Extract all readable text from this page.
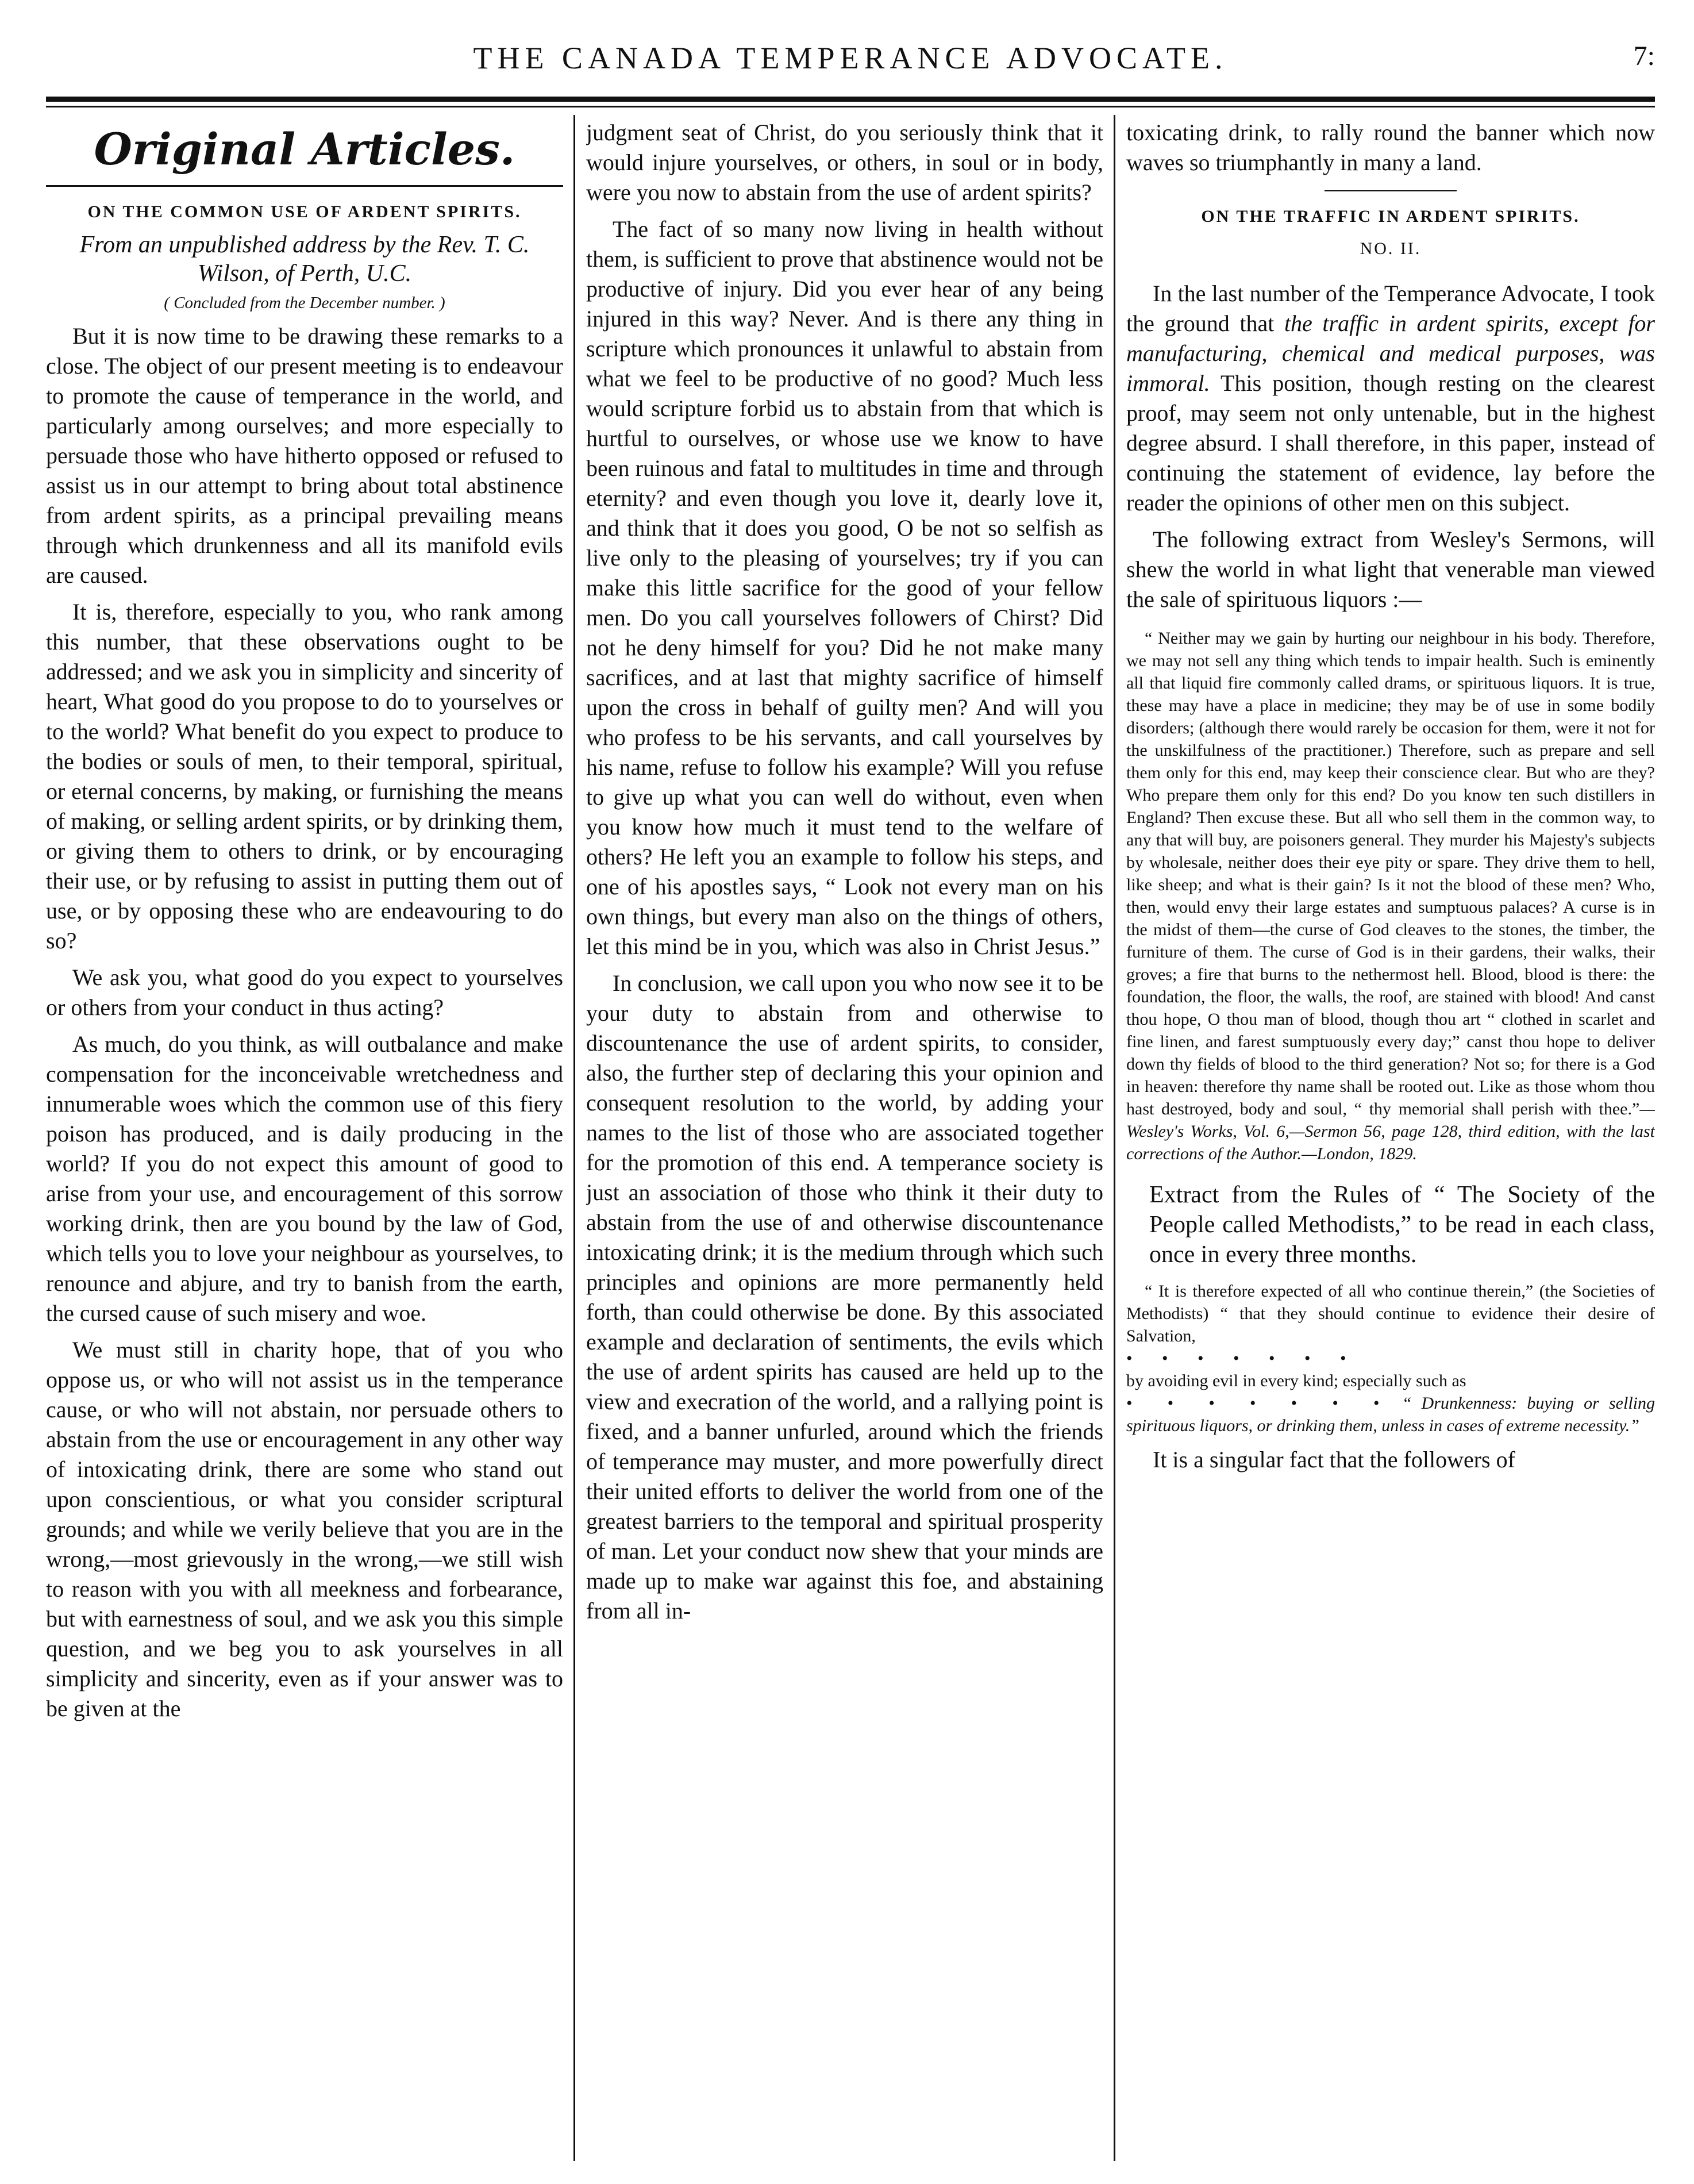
THE CANADA TEMPERANCE ADVOCATE.	7:
Original Articles.
ON THE COMMON USE OF ARDENT SPIRITS.
From an unpublished address by the Rev. T. C. Wilson, of Perth, U.C.
( Concluded from the December number. )

But it is now time to be drawing these remarks to a close. The object of our present meeting is to endeavour to promote the cause of temperance in the world, and particularly among ourselves; and more especially to persuade those who have hitherto opposed or refused to assist us in our attempt to bring about total abstinence from ardent spirits, as a principal prevailing means through which drunkenness and all its manifold evils are caused.

It is, therefore, especially to you, who rank among this number, that these observations ought to be addressed; and we ask you in simplicity and sincerity of heart, What good do you propose to do to yourselves or to the world? What benefit do you expect to produce to the bodies or souls of men, to their temporal, spiritual, or eternal concerns, by making, or furnishing the means of making, or selling ardent spirits, or by drinking them, or giving them to others to drink, or by encouraging their use, or by refusing to assist in putting them out of use, or by opposing these who are endeavouring to do so?

We ask you, what good do you expect to yourselves or others from your conduct in thus acting?

As much, do you think, as will outbalance and make compensation for the inconceivable wretchedness and innumerable woes which the common use of this fiery poison has produced, and is daily producing in the world? If you do not expect this amount of good to arise from your use, and encouragement of this sorrow working drink, then are you bound by the law of God, which tells you to love your neighbour as yourselves, to renounce and abjure, and try to banish from the earth, the cursed cause of such misery and woe.

We must still in charity hope, that of you who oppose us, or who will not assist us in the temperance cause, or who will not abstain, nor persuade others to abstain from the use or encouragement in any other way of intoxicating drink, there are some who stand out upon conscientious, or what you consider scriptural grounds; and while we verily believe that you are in the wrong,—most grievously in the wrong,—we still wish to reason with you with all meekness and forbearance, but with earnestness of soul, and we ask you this simple question, and we beg you to ask yourselves in all simplicity and sincerity, even as if your answer was to be given at the

judgment seat of Christ, do you seriously think that it would injure yourselves, or others, in soul or in body, were you now to abstain from the use of ardent spirits?

The fact of so many now living in health without them, is sufficient to prove that abstinence would not be productive of injury. Did you ever hear of any being injured in this way? Never. And is there any thing in scripture which pronounces it unlawful to abstain from what we feel to be productive of no good? Much less would scripture forbid us to abstain from that which is hurtful to ourselves, or whose use we know to have been ruinous and fatal to multitudes in time and through eternity? and even though you love it, dearly love it, and think that it does you good, O be not so selfish as live only to the pleasing of yourselves; try if you can make this little sacrifice for the good of your fellow men. Do you call yourselves followers of Chirst? Did not he deny himself for you? Did he not make many sacrifices, and at last that mighty sacrifice of himself upon the cross in behalf of guilty men? And will you who profess to be his servants, and call yourselves by his name, refuse to follow his example? Will you refuse to give up what you can well do without, even when you know how much it must tend to the welfare of others? He left you an example to follow his steps, and one of his apostles says, “ Look not every man on his own things, but every man also on the things of others, let this mind be in you, which was also in Christ Jesus.”

In conclusion, we call upon you who now see it to be your duty to abstain from and otherwise to discountenance the use of ardent spirits, to consider, also, the further step of declaring this your opinion and consequent resolution to the world, by adding your names to the list of those who are associated together for the promotion of this end. A temperance society is just an association of those who think it their duty to abstain from the use of and otherwise discountenance intoxicating drink; it is the medium through which such principles and opinions are more permanently held forth, than could otherwise be done. By this associated example and declaration of sentiments, the evils which the use of ardent spirits has caused are held up to the view and execration of the world, and a rallying point is fixed, and a banner unfurled, around which the friends of temperance may muster, and more powerfully direct their united efforts to deliver the world from one of the greatest barriers to the temporal and spiritual prosperity of man. Let your conduct now shew that your minds are made up to make war against this foe, and abstaining from all in-

toxicating drink, to rally round the banner which now waves so triumphantly in many a land.

ON THE TRAFFIC IN ARDENT SPIRITS.
NO. II.

In the last number of the Temperance Advocate, I took the ground that the traffic in ardent spirits, except for manufacturing, chemical and medical purposes, was immoral. This position, though resting on the clearest proof, may seem not only untenable, but in the highest degree absurd. I shall therefore, in this paper, instead of continuing the statement of evidence, lay before the reader the opinions of other men on this subject.

The following extract from Wesley's Sermons, will shew the world in what light that venerable man viewed the sale of spirituous liquors :—

“ Neither may we gain by hurting our neighbour in his body. Therefore, we may not sell any thing which tends to impair health. Such is eminently all that liquid fire commonly called drams, or spirituous liquors. It is true, these may have a place in medicine; they may be of use in some bodily disorders; (although there would rarely be occasion for them, were it not for the unskilfulness of the practitioner.) Therefore, such as prepare and sell them only for this end, may keep their conscience clear. But who are they? Who prepare them only for this end? Do you know ten such distillers in England? Then excuse these. But all who sell them in the common way, to any that will buy, are poisoners general. They murder his Majesty's subjects by wholesale, neither does their eye pity or spare. They drive them to hell, like sheep; and what is their gain? Is it not the blood of these men? Who, then, would envy their large estates and sumptuous palaces? A curse is in the midst of them—the curse of God cleaves to the stones, the timber, the furniture of them. The curse of God is in their gardens, their walks, their groves; a fire that burns to the nethermost hell. Blood, blood is there: the foundation, the floor, the walls, the roof, are stained with blood! And canst thou hope, O thou man of blood, though thou art “ clothed in scarlet and fine linen, and farest sumptuously every day;” canst thou hope to deliver down thy fields of blood to the third generation? Not so; for there is a God in heaven: therefore thy name shall be rooted out. Like as those whom thou hast destroyed, body and soul, “ thy memorial shall perish with thee.”— Wesley's Works, Vol. 6,—Sermon 56, page 128, third edition, with the last corrections of the Author.—London, 1829.

Extract from the Rules of “ The Society of the People called Methodists,” to be read in each class, once in every three months.

“ It is therefore expected of all who continue therein,” (the Societies of Methodists) “ that they should continue to evidence their desire of Salvation,
• • • • • • •
by avoiding evil in every kind; especially such as
• • • • • • • “ Drunkenness: buying or selling spirituous liquors, or drinking them, unless in cases of extreme necessity.”

It is a singular fact that the followers of
